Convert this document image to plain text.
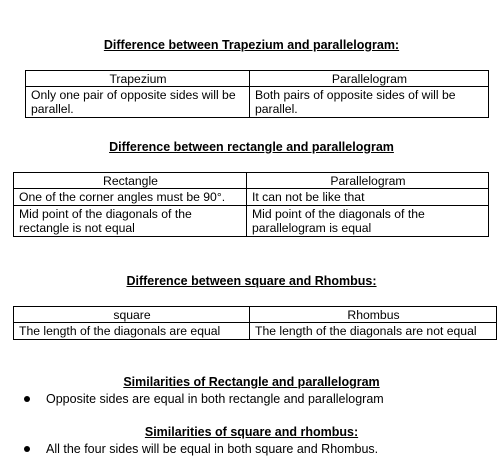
Difference between Trapezium and parallelogram:
Trapezium	Parallelogram
Only one pair of opposite sides will be parallel.	Both pairs of opposite sides of will be parallel.
Difference between rectangle and parallelogram
Rectangle	Parallelogram
One of the corner angles must be 90°.	It can not be like that
Mid point of the diagonals of the rectangle is not equal	Mid point of the diagonals of the parallelogram is equal
Difference between square and Rhombus:
square	Rhombus
The length of the diagonals are equal	The length of the diagonals are not equal
Similarities of Rectangle and parallelogram
Opposite sides are equal in both rectangle and parallelogram
Similarities of square and rhombus:
All the four sides will be equal in both square and Rhombus.
